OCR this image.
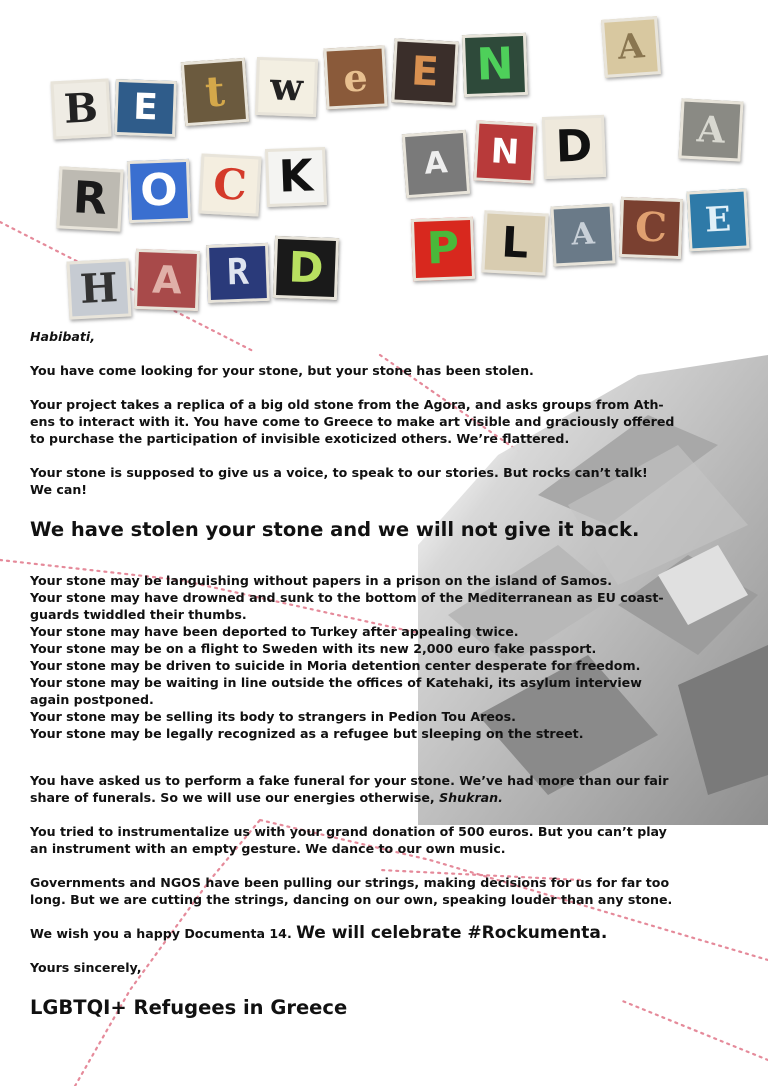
B E t w e E N	A
R O C K
H A R D
A N D	A
P L A C E

Habibati,

You have come looking for your stone, but your stone has been stolen.

Your project takes a replica of a big old stone from the Agora, and asks groups from Ath-

ens to interact with it. You have come to Greece to make art visible and graciously offered

to purchase the participation of invisible exoticized others. We’re flattered.

Your stone is supposed to give us a voice, to speak to our stories. But rocks can’t talk!

We can!

We have stolen your stone and we will not give it back.

Your stone may be languishing without papers in a prison on the island of Samos.

Your stone may have drowned and sunk to the bottom of the Mediterranean as EU coast-

guards twiddled their thumbs.

Your stone may have been deported to Turkey after appealing twice.

Your stone may be on a flight to Sweden with its new 2,000 euro fake passport.

Your stone may be driven to suicide in Moria detention center desperate for freedom.

Your stone may be waiting in line outside the offices of Katehaki, its asylum interview

again postponed.

Your stone may be selling its body to strangers in Pedion Tou Areos.

Your stone may be legally recognized as a refugee but sleeping on the street.

You have asked us to perform a fake funeral for your stone. We’ve had more than our fair

share of funerals. So we will use our energies otherwise, Shukran.

You tried to instrumentalize us with your grand donation of 500 euros. But you can’t play

an instrument with an empty gesture. We dance to our own music.

Governments and NGOS have been pulling our strings, making decisions for us for far too

long. But we are cutting the strings, dancing on our own, speaking louder than any stone.

We wish you a happy Documenta 14. We will celebrate #Rockumenta.

Yours sincerely,

LGBTQI+ Refugees in Greece
